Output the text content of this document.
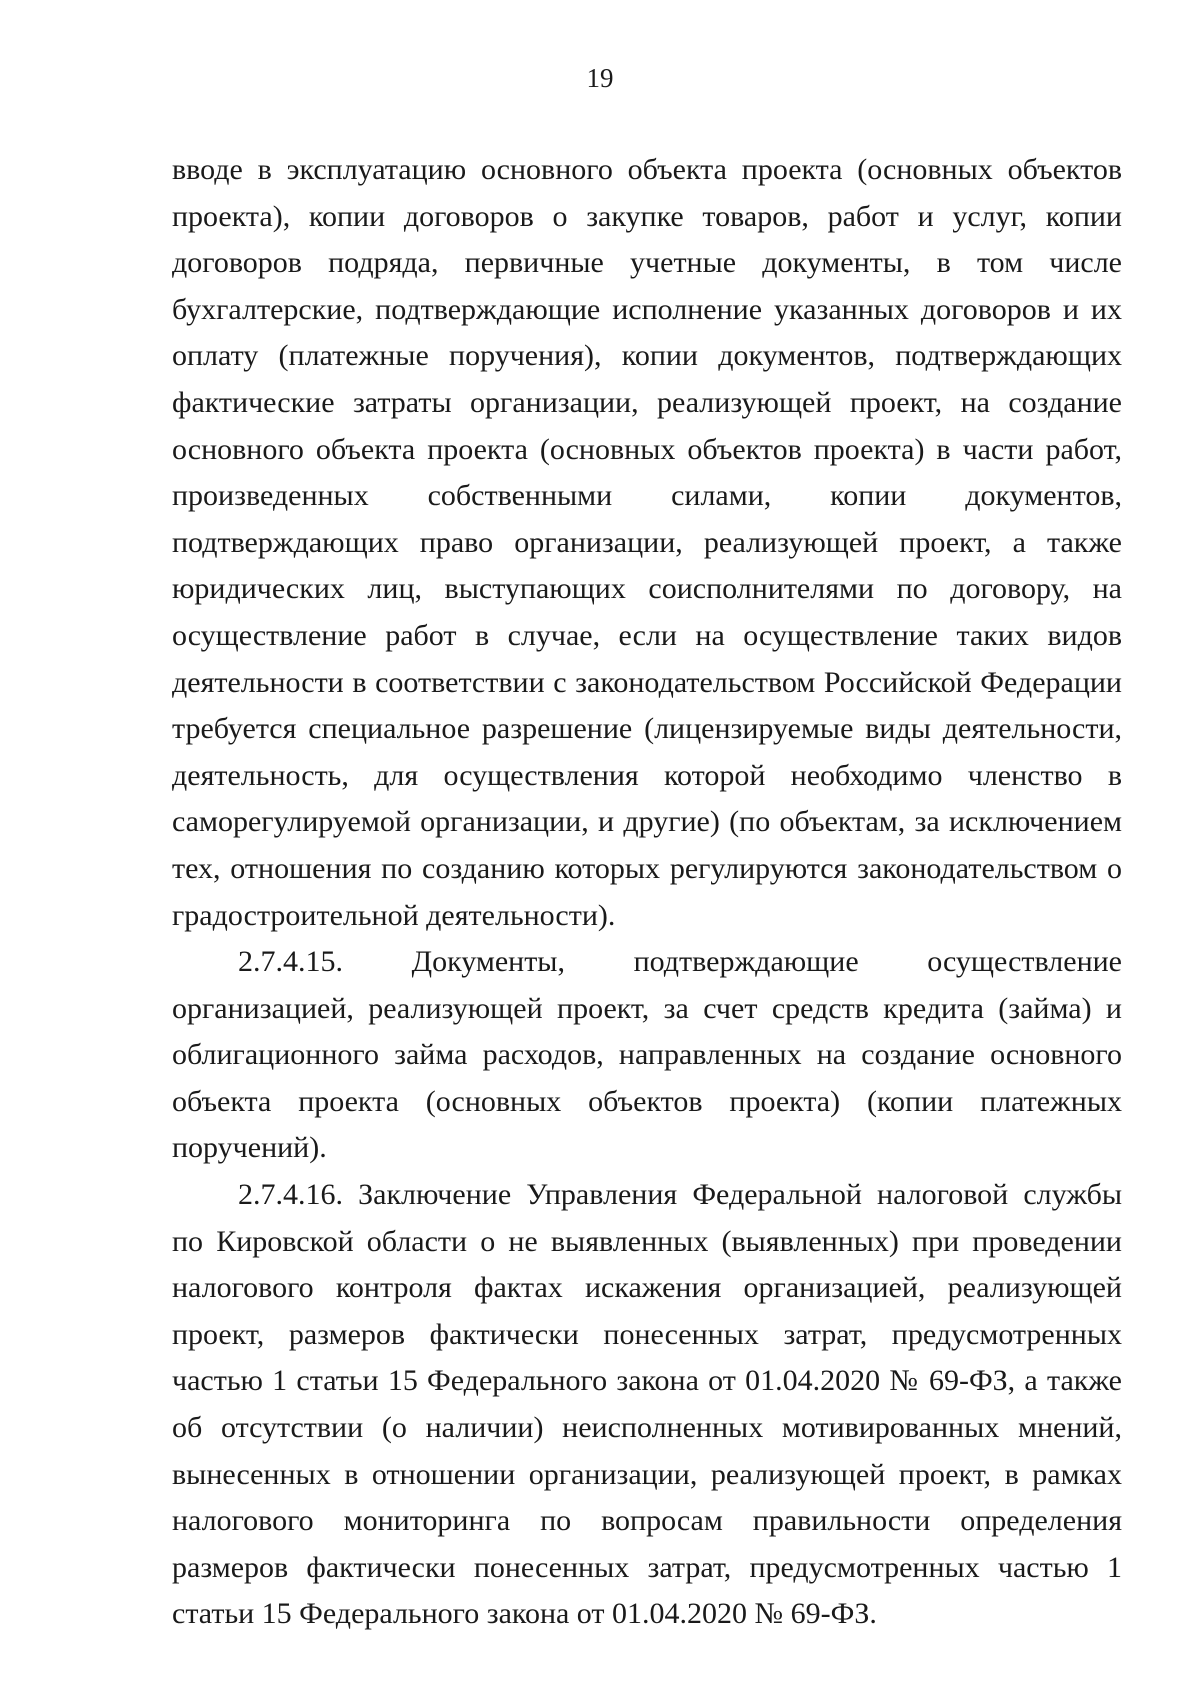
19

вводе в эксплуатацию основного объекта проекта (основных объектов проекта), копии договоров о закупке товаров, работ и услуг, копии договоров подряда, первичные учетные документы, в том числе бухгалтерские, подтверждающие исполнение указанных договоров и их оплату (платежные поручения), копии документов, подтверждающих фактические затраты организации, реализующей проект, на создание основного объекта проекта (основных объектов проекта) в части работ, произведенных собственными силами, копии документов, подтверждающих право организации, реализующей проект, а также юридических лиц, выступающих соисполнителями по договору, на осуществление работ в случае, если на осуществление таких видов деятельности в соответствии с законодательством Российской Федерации требуется специальное разрешение (лицензируемые виды деятельности, деятельность, для осуществления которой необходимо членство в саморегулируемой организации, и другие) (по объектам, за исключением тех, отношения по созданию которых регулируются законодательством о градостроительной деятельности).

2.7.4.15. Документы, подтверждающие осуществление организацией, реализующей проект, за счет средств кредита (займа) и облигационного займа расходов, направленных на создание основного объекта проекта (основных объектов проекта) (копии платежных поручений).

2.7.4.16. Заключение Управления Федеральной налоговой службы по Кировской области о не выявленных (выявленных) при проведении налогового контроля фактах искажения организацией, реализующей проект, размеров фактически понесенных затрат, предусмотренных частью 1 статьи 15 Федерального закона от 01.04.2020 № 69-ФЗ, а также об отсутствии (о наличии) неисполненных мотивированных мнений, вынесенных в отношении организации, реализующей проект, в рамках налогового мониторинга по вопросам правильности определения размеров фактически понесенных затрат, предусмотренных частью 1 статьи 15 Федерального закона от 01.04.2020 № 69-ФЗ.
